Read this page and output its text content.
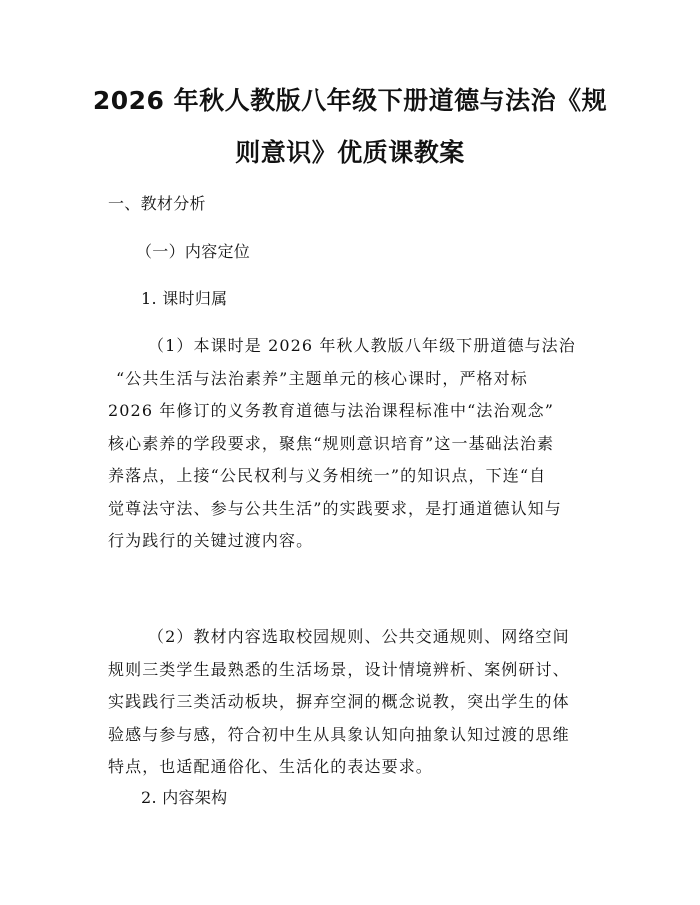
2026 年秋人教版八年级下册道德与法治《规
则意识》优质课教案
一、教材分析
（一）内容定位
1. 课时归属
（1）本课时是 2026 年秋人教版八年级下册道德与法治
“公共生活与法治素养”主题单元的核心课时，严格对标
2026 年修订的义务教育道德与法治课程标准中“法治观念”
核心素养的学段要求，聚焦“规则意识培育”这一基础法治素
养落点，上接“公民权利与义务相统一”的知识点，下连“自
觉尊法守法、参与公共生活”的实践要求，是打通道德认知与
行为践行的关键过渡内容。
（2）教材内容选取校园规则、公共交通规则、网络空间
规则三类学生最熟悉的生活场景，设计情境辨析、案例研讨、
实践践行三类活动板块，摒弃空洞的概念说教，突出学生的体
验感与参与感，符合初中生从具象认知向抽象认知过渡的思维
特点，也适配通俗化、生活化的表达要求。
2. 内容架构
